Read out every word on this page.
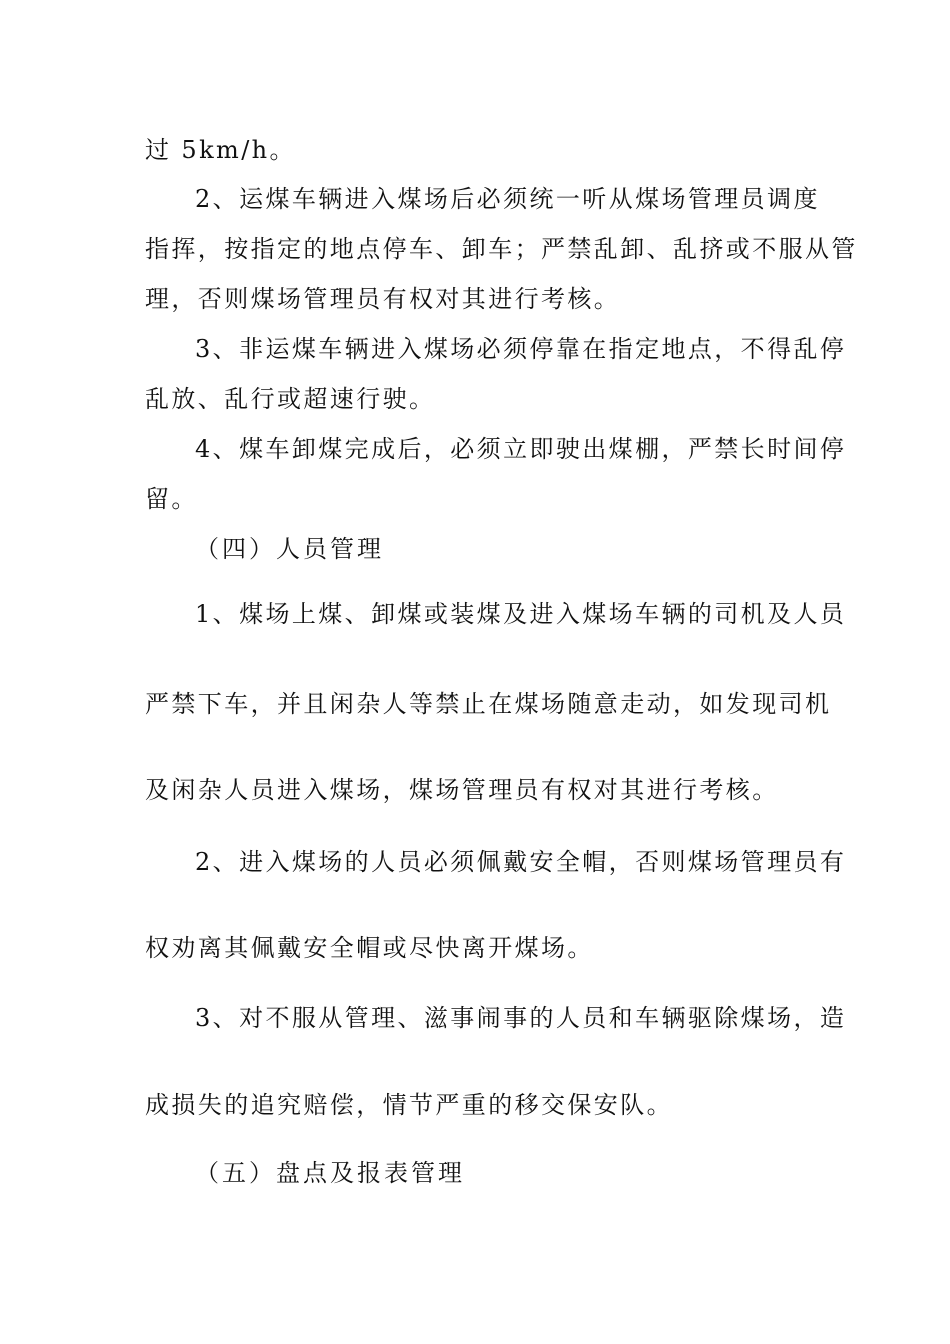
过 5km/h。
2、运煤车辆进入煤场后必须统一听从煤场管理员调度
指挥，按指定的地点停车、卸车；严禁乱卸、乱挤或不服从管
理，否则煤场管理员有权对其进行考核。
3、非运煤车辆进入煤场必须停靠在指定地点，不得乱停
乱放、乱行或超速行驶。
4、煤车卸煤完成后，必须立即驶出煤棚，严禁长时间停
留。
（四）人员管理
1、煤场上煤、卸煤或装煤及进入煤场车辆的司机及人员
严禁下车，并且闲杂人等禁止在煤场随意走动，如发现司机
及闲杂人员进入煤场，煤场管理员有权对其进行考核。
2、进入煤场的人员必须佩戴安全帽，否则煤场管理员有
权劝离其佩戴安全帽或尽快离开煤场。
3、对不服从管理、滋事闹事的人员和车辆驱除煤场，造
成损失的追究赔偿，情节严重的移交保安队。
（五）盘点及报表管理
